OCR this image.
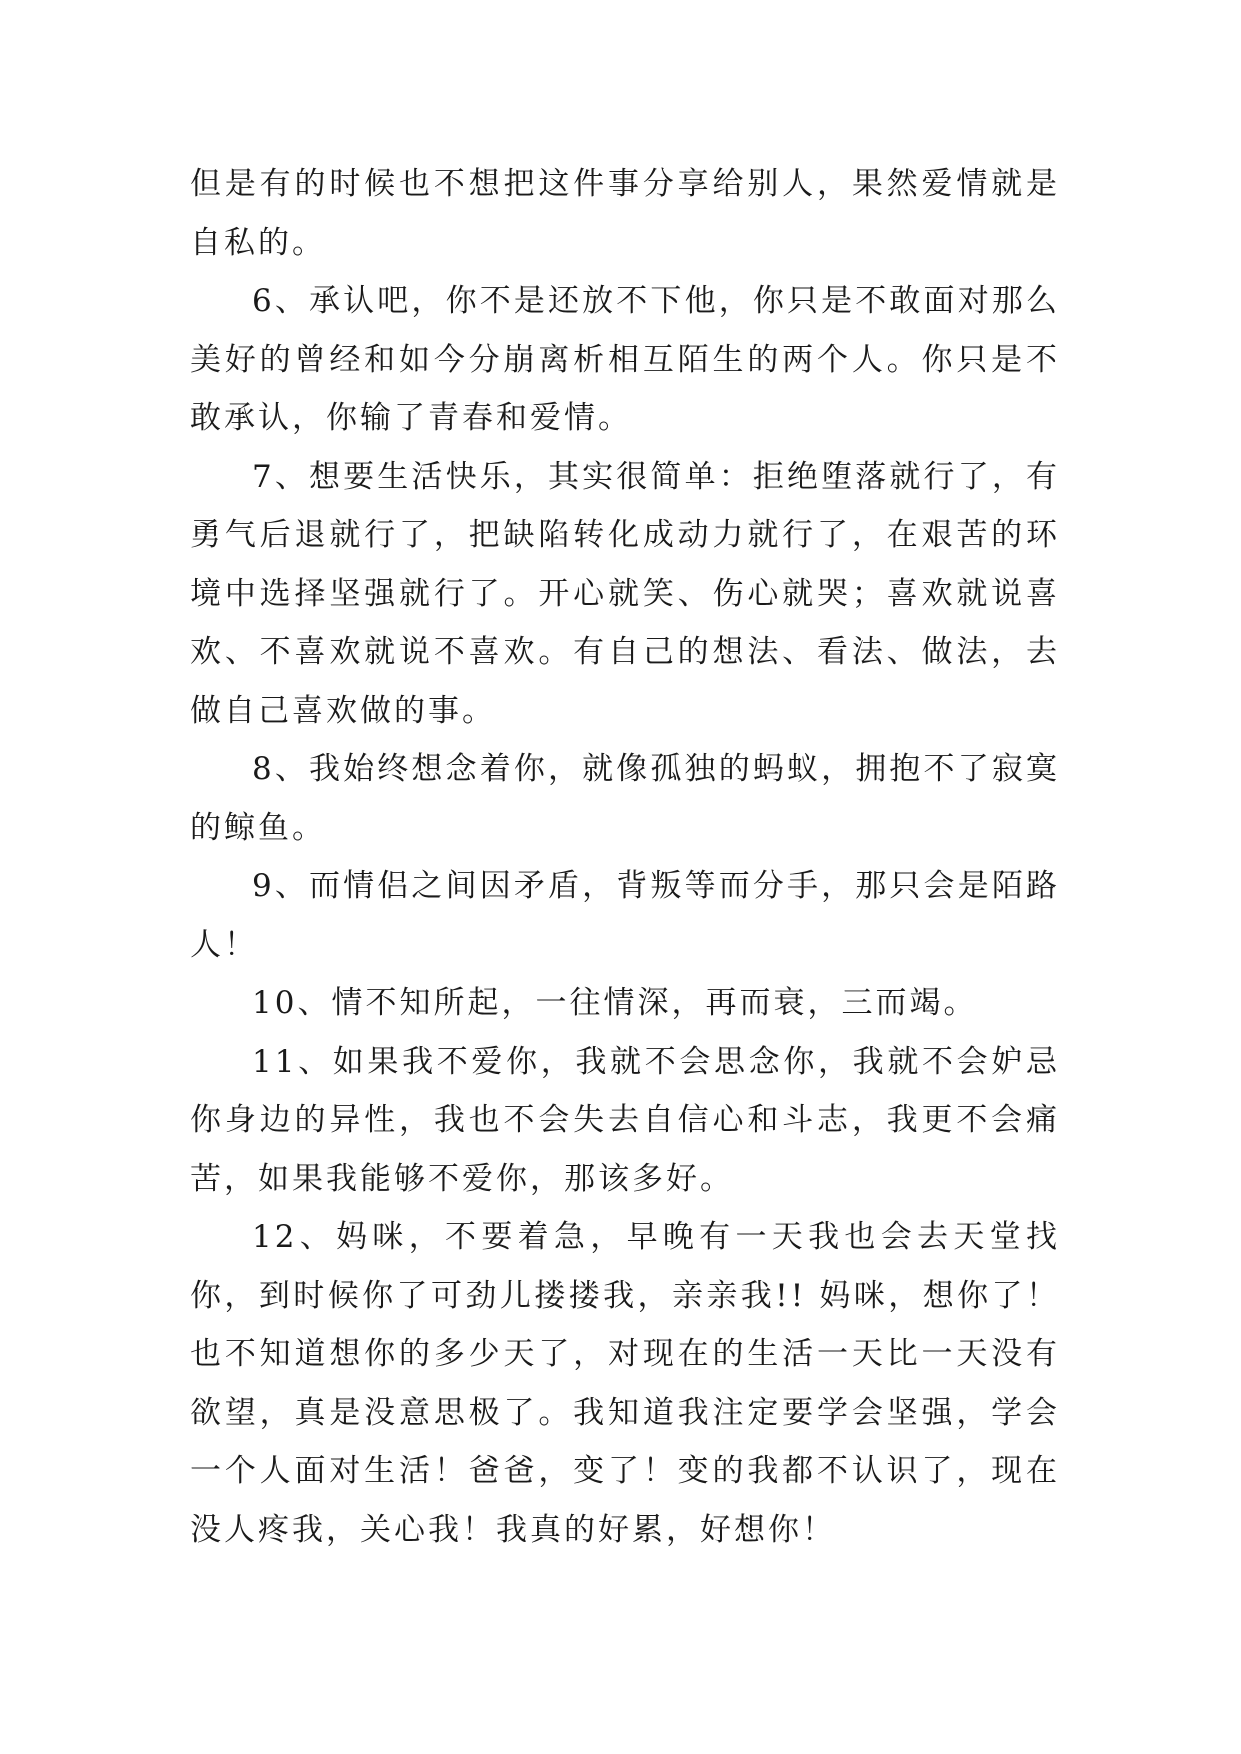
但是有的时候也不想把这件事分享给别人，果然爱情就是自私的。

6、承认吧，你不是还放不下他，你只是不敢面对那么美好的曾经和如今分崩离析相互陌生的两个人。你只是不敢承认，你输了青春和爱情。

7、想要生活快乐，其实很简单：拒绝堕落就行了，有勇气后退就行了，把缺陷转化成动力就行了，在艰苦的环境中选择坚强就行了。开心就笑、伤心就哭；喜欢就说喜欢、不喜欢就说不喜欢。有自己的想法、看法、做法，去做自己喜欢做的事。

8、我始终想念着你，就像孤独的蚂蚁，拥抱不了寂寞的鲸鱼。

9、而情侣之间因矛盾，背叛等而分手，那只会是陌路人！

10、情不知所起，一往情深，再而衰，三而竭。

11、如果我不爱你，我就不会思念你，我就不会妒忌你身边的异性，我也不会失去自信心和斗志，我更不会痛苦，如果我能够不爱你，那该多好。

12、妈咪，不要着急，早晚有一天我也会去天堂找你，到时候你了可劲儿搂搂我，亲亲我!! 妈咪，想你了！也不知道想你的多少天了，对现在的生活一天比一天没有欲望，真是没意思极了。我知道我注定要学会坚强，学会一个人面对生活！爸爸，变了！变的我都不认识了，现在没人疼我，关心我！我真的好累，好想你！
